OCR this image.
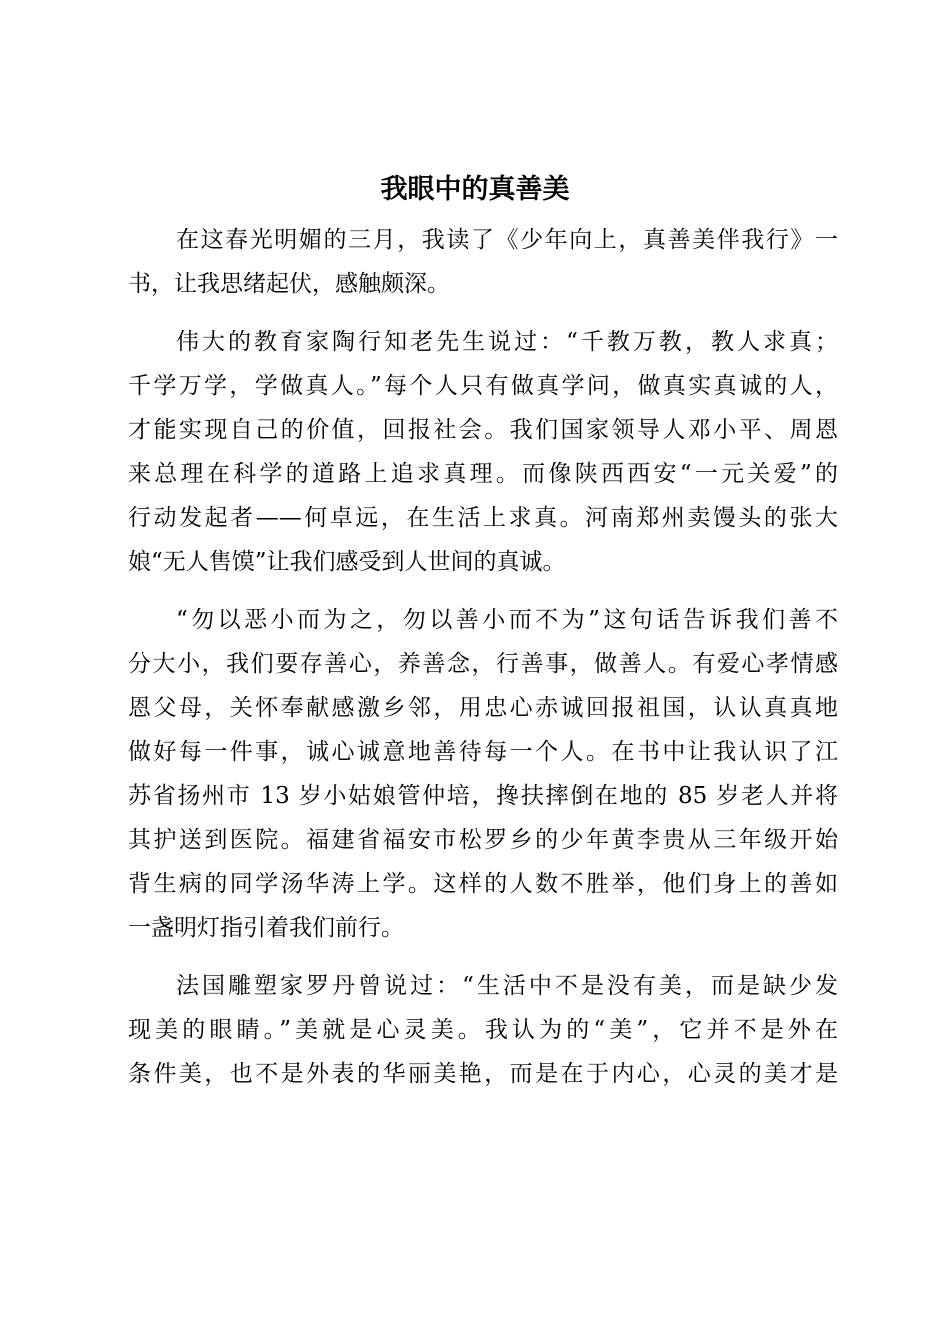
我眼中的真善美
在这春光明媚的三月，我读了《少年向上，真善美伴我行》一
书，让我思绪起伏，感触颇深。
伟大的教育家陶行知老先生说过：“千教万教，教人求真；
千学万学，学做真人。”每个人只有做真学问，做真实真诚的人，
才能实现自己的价值，回报社会。我们国家领导人邓小平、周恩
来总理在科学的道路上追求真理。而像陕西西安“一元关爱”的
行动发起者——何卓远，在生活上求真。河南郑州卖馒头的张大
娘“无人售馍”让我们感受到人世间的真诚。
“勿以恶小而为之，勿以善小而不为”这句话告诉我们善不
分大小，我们要存善心，养善念，行善事，做善人。有爱心孝情感
恩父母，关怀奉献感激乡邻，用忠心赤诚回报祖国，认认真真地
做好每一件事，诚心诚意地善待每一个人。在书中让我认识了江
苏省扬州市 13 岁小姑娘管仲培，搀扶摔倒在地的 85 岁老人并将
其护送到医院。福建省福安市松罗乡的少年黄李贵从三年级开始
背生病的同学汤华涛上学。这样的人数不胜举，他们身上的善如
一盏明灯指引着我们前行。
法国雕塑家罗丹曾说过：“生活中不是没有美，而是缺少发
现美的眼睛。”美就是心灵美。我认为的“美”，它并不是外在
条件美，也不是外表的华丽美艳，而是在于内心，心灵的美才是
